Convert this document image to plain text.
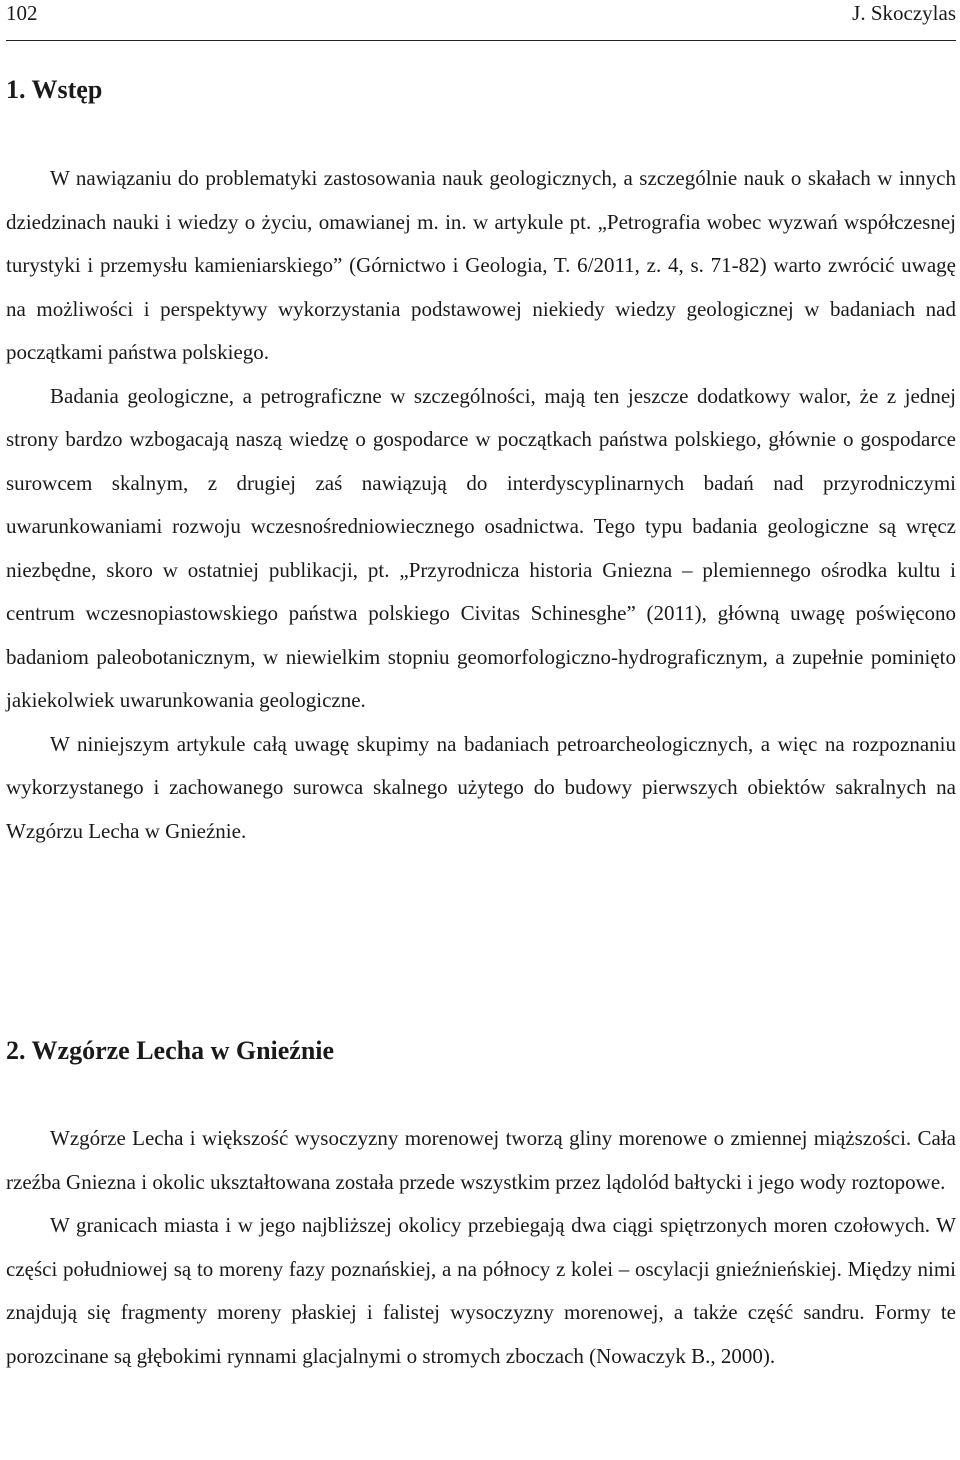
102	J. Skoczylas
1. Wstęp

W nawiązaniu do problematyki zastosowania nauk geologicznych, a szczególnie nauk o skałach w innych dziedzinach nauki i wiedzy o życiu, omawianej m. in. w artykule pt. „Petrografia wobec wyzwań współczesnej turystyki i przemysłu kamieniarskiego” (Górnictwo i Geologia, T. 6/2011, z. 4, s. 71-82) warto zwrócić uwagę na możliwości i perspektywy wykorzystania podstawowej niekiedy wiedzy geologicznej w badaniach nad początkami państwa polskiego.

Badania geologiczne, a petrograficzne w szczególności, mają ten jeszcze dodatkowy walor, że z jednej strony bardzo wzbogacają naszą wiedzę o gospodarce w początkach państwa polskiego, głównie o gospodarce surowcem skalnym, z drugiej zaś nawiązują do interdyscyplinarnych badań nad przyrodniczymi uwarunkowaniami rozwoju wczesnośredniowiecznego osadnictwa. Tego typu badania geologiczne są wręcz niezbędne, skoro w ostatniej publikacji, pt. „Przyrodnicza historia Gniezna – plemiennego ośrodka kultu i centrum wczesnopiastowskiego państwa polskiego Civitas Schinesghe” (2011), główną uwagę poświęcono badaniom paleobotanicznym, w niewielkim stopniu geomorfologiczno-hydrograficznym, a zupełnie pominięto jakiekolwiek uwarunkowania geologiczne.

W niniejszym artykule całą uwagę skupimy na badaniach petroarcheologicznych, a więc na rozpoznaniu wykorzystanego i zachowanego surowca skalnego użytego do budowy pierwszych obiektów sakralnych na Wzgórzu Lecha w Gnieźnie.

2. Wzgórze Lecha w Gnieźnie

Wzgórze Lecha i większość wysoczyzny morenowej tworzą gliny morenowe o zmiennej miąższości. Cała rzeźba Gniezna i okolic ukształtowana została przede wszystkim przez lądolód bałtycki i jego wody roztopowe.

W granicach miasta i w jego najbliższej okolicy przebiegają dwa ciągi spiętrzonych moren czołowych. W części południowej są to moreny fazy poznańskiej, a na północy z kolei – oscylacji gnieźnieńskiej. Między nimi znajdują się fragmenty moreny płaskiej i falistej wysoczyzny morenowej, a także część sandru. Formy te porozcinane są głębokimi rynnami glacjalnymi o stromych zboczach (Nowaczyk B., 2000).
